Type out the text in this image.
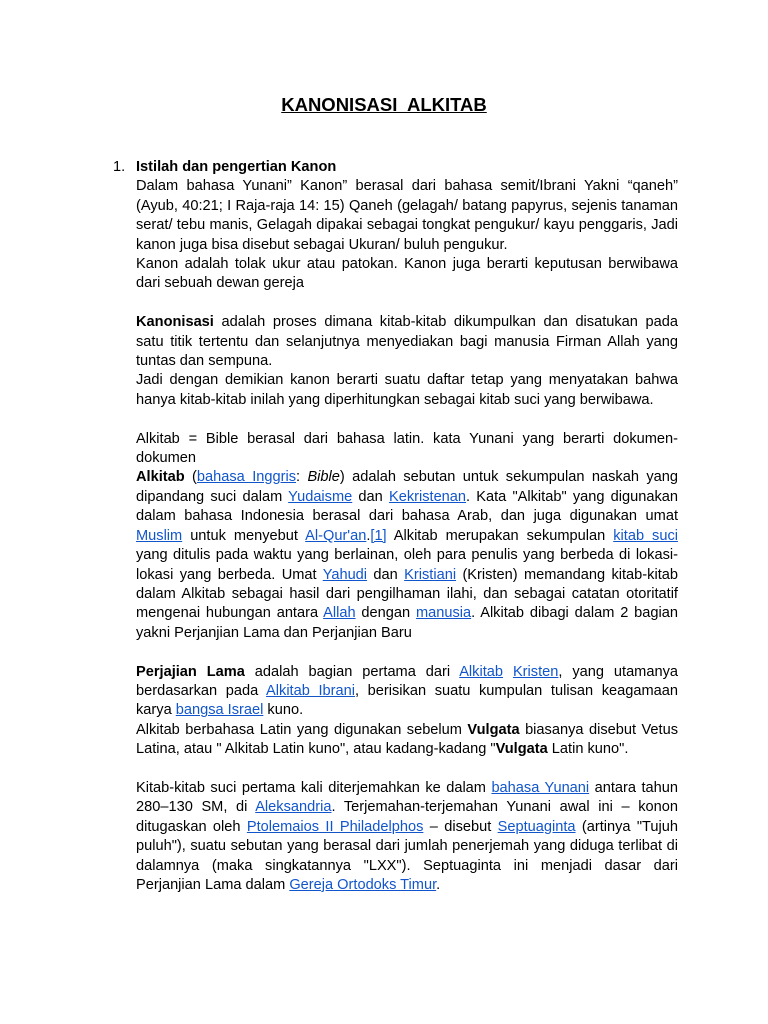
KANONISASI  ALKITAB
1. Istilah dan pengertian Kanon

Dalam bahasa Yunani” Kanon” berasal dari bahasa semit/Ibrani Yakni “qaneh” (Ayub, 40:21; I Raja-raja 14: 15) Qaneh (gelagah/ batang papyrus, sejenis tanaman serat/ tebu manis, Gelagah dipakai sebagai tongkat pengukur/ kayu penggaris, Jadi kanon juga bisa disebut sebagai Ukuran/ buluh pengukur.

Kanon adalah tolak ukur atau patokan. Kanon juga berarti keputusan berwibawa dari sebuah dewan gereja

Kanonisasi adalah proses dimana kitab-kitab dikumpulkan dan disatukan pada satu titik tertentu dan selanjutnya menyediakan bagi manusia Firman Allah yang tuntas dan sempuna.

Jadi dengan demikian kanon berarti suatu daftar tetap yang menyatakan bahwa hanya kitab-kitab inilah yang diperhitungkan sebagai kitab suci yang berwibawa.

Alkitab = Bible berasal dari bahasa latin. kata Yunani yang berarti dokumen-dokumen

Alkitab (bahasa Inggris: Bible) adalah sebutan untuk sekumpulan naskah yang dipandang suci dalam Yudaisme dan Kekristenan. Kata "Alkitab" yang digunakan dalam bahasa Indonesia berasal dari bahasa Arab, dan juga digunakan umat Muslim untuk menyebut Al-Qur'an.[1] Alkitab merupakan sekumpulan kitab suci yang ditulis pada waktu yang berlainan, oleh para penulis yang berbeda di lokasi-lokasi yang berbeda. Umat Yahudi dan Kristiani (Kristen) memandang kitab-kitab dalam Alkitab sebagai hasil dari pengilhaman ilahi, dan sebagai catatan otoritatif mengenai hubungan antara Allah dengan manusia. Alkitab dibagi dalam 2 bagian yakni Perjanjian Lama dan Perjanjian Baru

Perjajian Lama adalah bagian pertama dari Alkitab Kristen, yang utamanya berdasarkan pada Alkitab Ibrani, berisikan suatu kumpulan tulisan keagamaan karya bangsa Israel kuno.

Alkitab berbahasa Latin yang digunakan sebelum Vulgata biasanya disebut Vetus Latina, atau " Alkitab Latin kuno", atau kadang-kadang "Vulgata Latin kuno".

Kitab-kitab suci pertama kali diterjemahkan ke dalam bahasa Yunani antara tahun 280–130 SM, di Aleksandria. Terjemahan-terjemahan Yunani awal ini – konon ditugaskan oleh Ptolemaios II Philadelphos – disebut Septuaginta (artinya "Tujuh puluh"), suatu sebutan yang berasal dari jumlah penerjemah yang diduga terlibat di dalamnya (maka singkatannya "LXX"). Septuaginta ini menjadi dasar dari Perjanjian Lama dalam Gereja Ortodoks Timur.
